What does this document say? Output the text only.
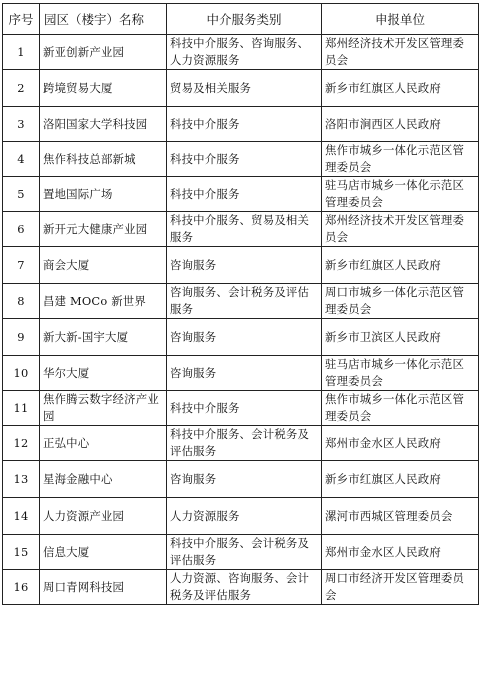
序号	园区（楼宇）名称	中介服务类别	申报单位
1	新亚创新产业园	科技中介服务、咨询服务、人力资源服务	郑州经济技术开发区管理委员会
2	跨境贸易大厦	贸易及相关服务	新乡市红旗区人民政府
3	洛阳国家大学科技园	科技中介服务	洛阳市涧西区人民政府
4	焦作科技总部新城	科技中介服务	焦作市城乡一体化示范区管理委员会
5	置地国际广场	科技中介服务	驻马店市城乡一体化示范区管理委员会
6	新开元大健康产业园	科技中介服务、贸易及相关服务	郑州经济技术开发区管理委员会
7	商会大厦	咨询服务	新乡市红旗区人民政府
8	昌建 MOCo 新世界	咨询服务、会计税务及评估服务	周口市城乡一体化示范区管理委员会
9	新大新-国宇大厦	咨询服务	新乡市卫滨区人民政府
10	华尔大厦	咨询服务	驻马店市城乡一体化示范区管理委员会
11	焦作腾云数字经济产业园	科技中介服务	焦作市城乡一体化示范区管理委员会
12	正弘中心	科技中介服务、会计税务及评估服务	郑州市金水区人民政府
13	星海金融中心	咨询服务	新乡市红旗区人民政府
14	人力资源产业园	人力资源服务	漯河市西城区管理委员会
15	信息大厦	科技中介服务、会计税务及评估服务	郑州市金水区人民政府
16	周口青网科技园	人力资源、咨询服务、会计税务及评估服务	周口市经济开发区管理委员会
